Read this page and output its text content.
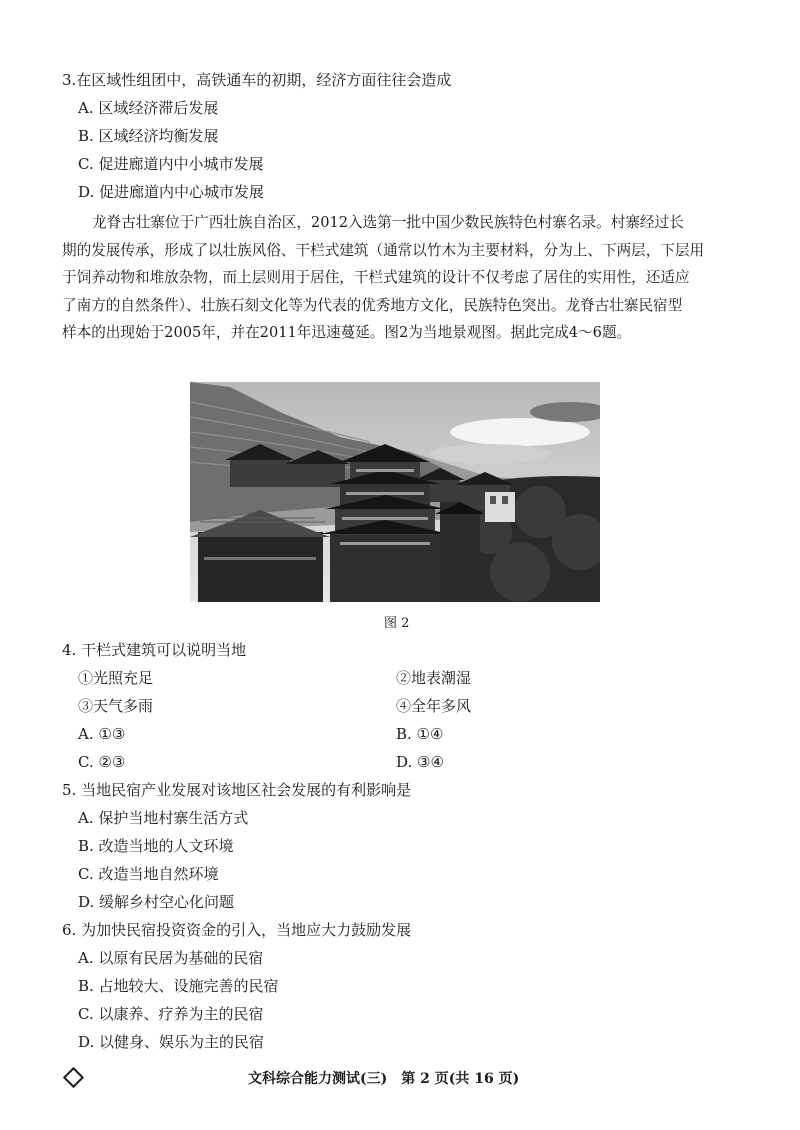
3.在区域性组团中，高铁通车的初期，经济方面往往会造成
A. 区域经济滞后发展
B. 区域经济均衡发展
C. 促进廊道内中小城市发展
D. 促进廊道内中心城市发展
龙脊古壮寨位于广西壮族自治区，2012入选第一批中国少数民族特色村寨名录。村寨经过长
期的发展传承，形成了以壮族风俗、干栏式建筑（通常以竹木为主要材料，分为上、下两层，下层用
于饲养动物和堆放杂物，而上层则用于居住，干栏式建筑的设计不仅考虑了居住的实用性，还适应
了南方的自然条件）、壮族石刻文化等为代表的优秀地方文化，民族特色突出。龙脊古壮寨民宿型
样本的出现始于2005年，并在2011年迅速蔓延。图2为当地景观图。据此完成4～6题。
图 2
4. 干栏式建筑可以说明当地
①光照充足	②地表潮湿
③天气多雨	④全年多风
A. ①③	B. ①④
C. ②③	D. ③④
5. 当地民宿产业发展对该地区社会发展的有利影响是
A. 保护当地村寨生活方式
B. 改造当地的人文环境
C. 改造当地自然环境
D. 缓解乡村空心化问题
6. 为加快民宿投资资金的引入，当地应大力鼓励发展
A. 以原有民居为基础的民宿
B. 占地较大、设施完善的民宿
C. 以康养、疗养为主的民宿
D. 以健身、娱乐为主的民宿
文科综合能力测试(三)　第 2 页(共 16 页)
